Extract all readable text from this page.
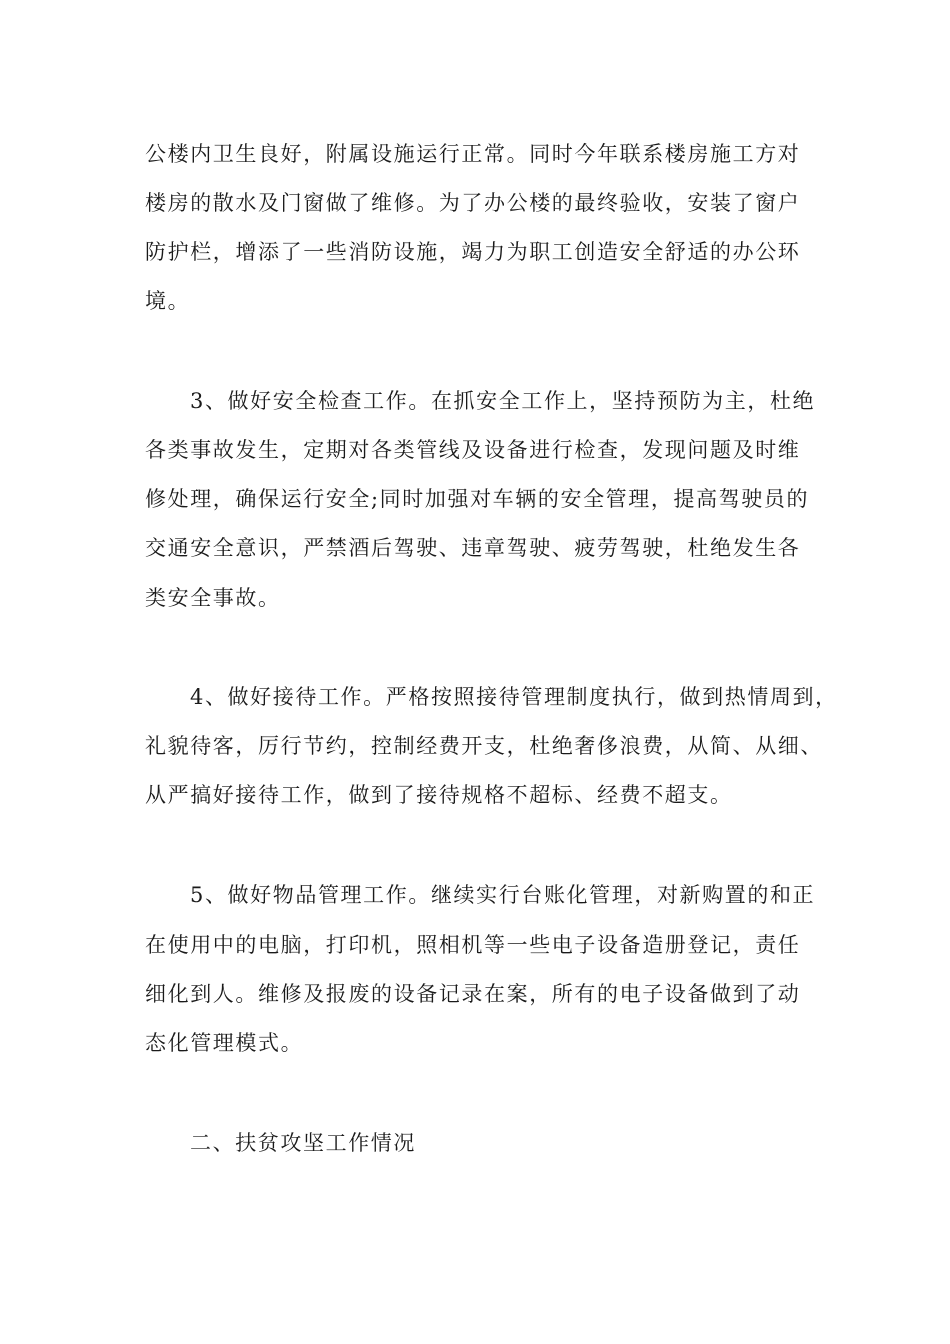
公楼内卫生良好，附属设施运行正常。同时今年联系楼房施工方对
楼房的散水及门窗做了维修。为了办公楼的最终验收，安装了窗户
防护栏，增添了一些消防设施，竭力为职工创造安全舒适的办公环
境。
3、做好安全检查工作。在抓安全工作上，坚持预防为主，杜绝
各类事故发生，定期对各类管线及设备进行检查，发现问题及时维
修处理，确保运行安全;同时加强对车辆的安全管理，提高驾驶员的
交通安全意识，严禁酒后驾驶、违章驾驶、疲劳驾驶，杜绝发生各
类安全事故。
4、做好接待工作。严格按照接待管理制度执行，做到热情周到，
礼貌待客，厉行节约，控制经费开支，杜绝奢侈浪费，从简、从细、
从严搞好接待工作，做到了接待规格不超标、经费不超支。
5、做好物品管理工作。继续实行台账化管理，对新购置的和正
在使用中的电脑，打印机，照相机等一些电子设备造册登记，责任
细化到人。维修及报废的设备记录在案，所有的电子设备做到了动
态化管理模式。
二、扶贫攻坚工作情况
